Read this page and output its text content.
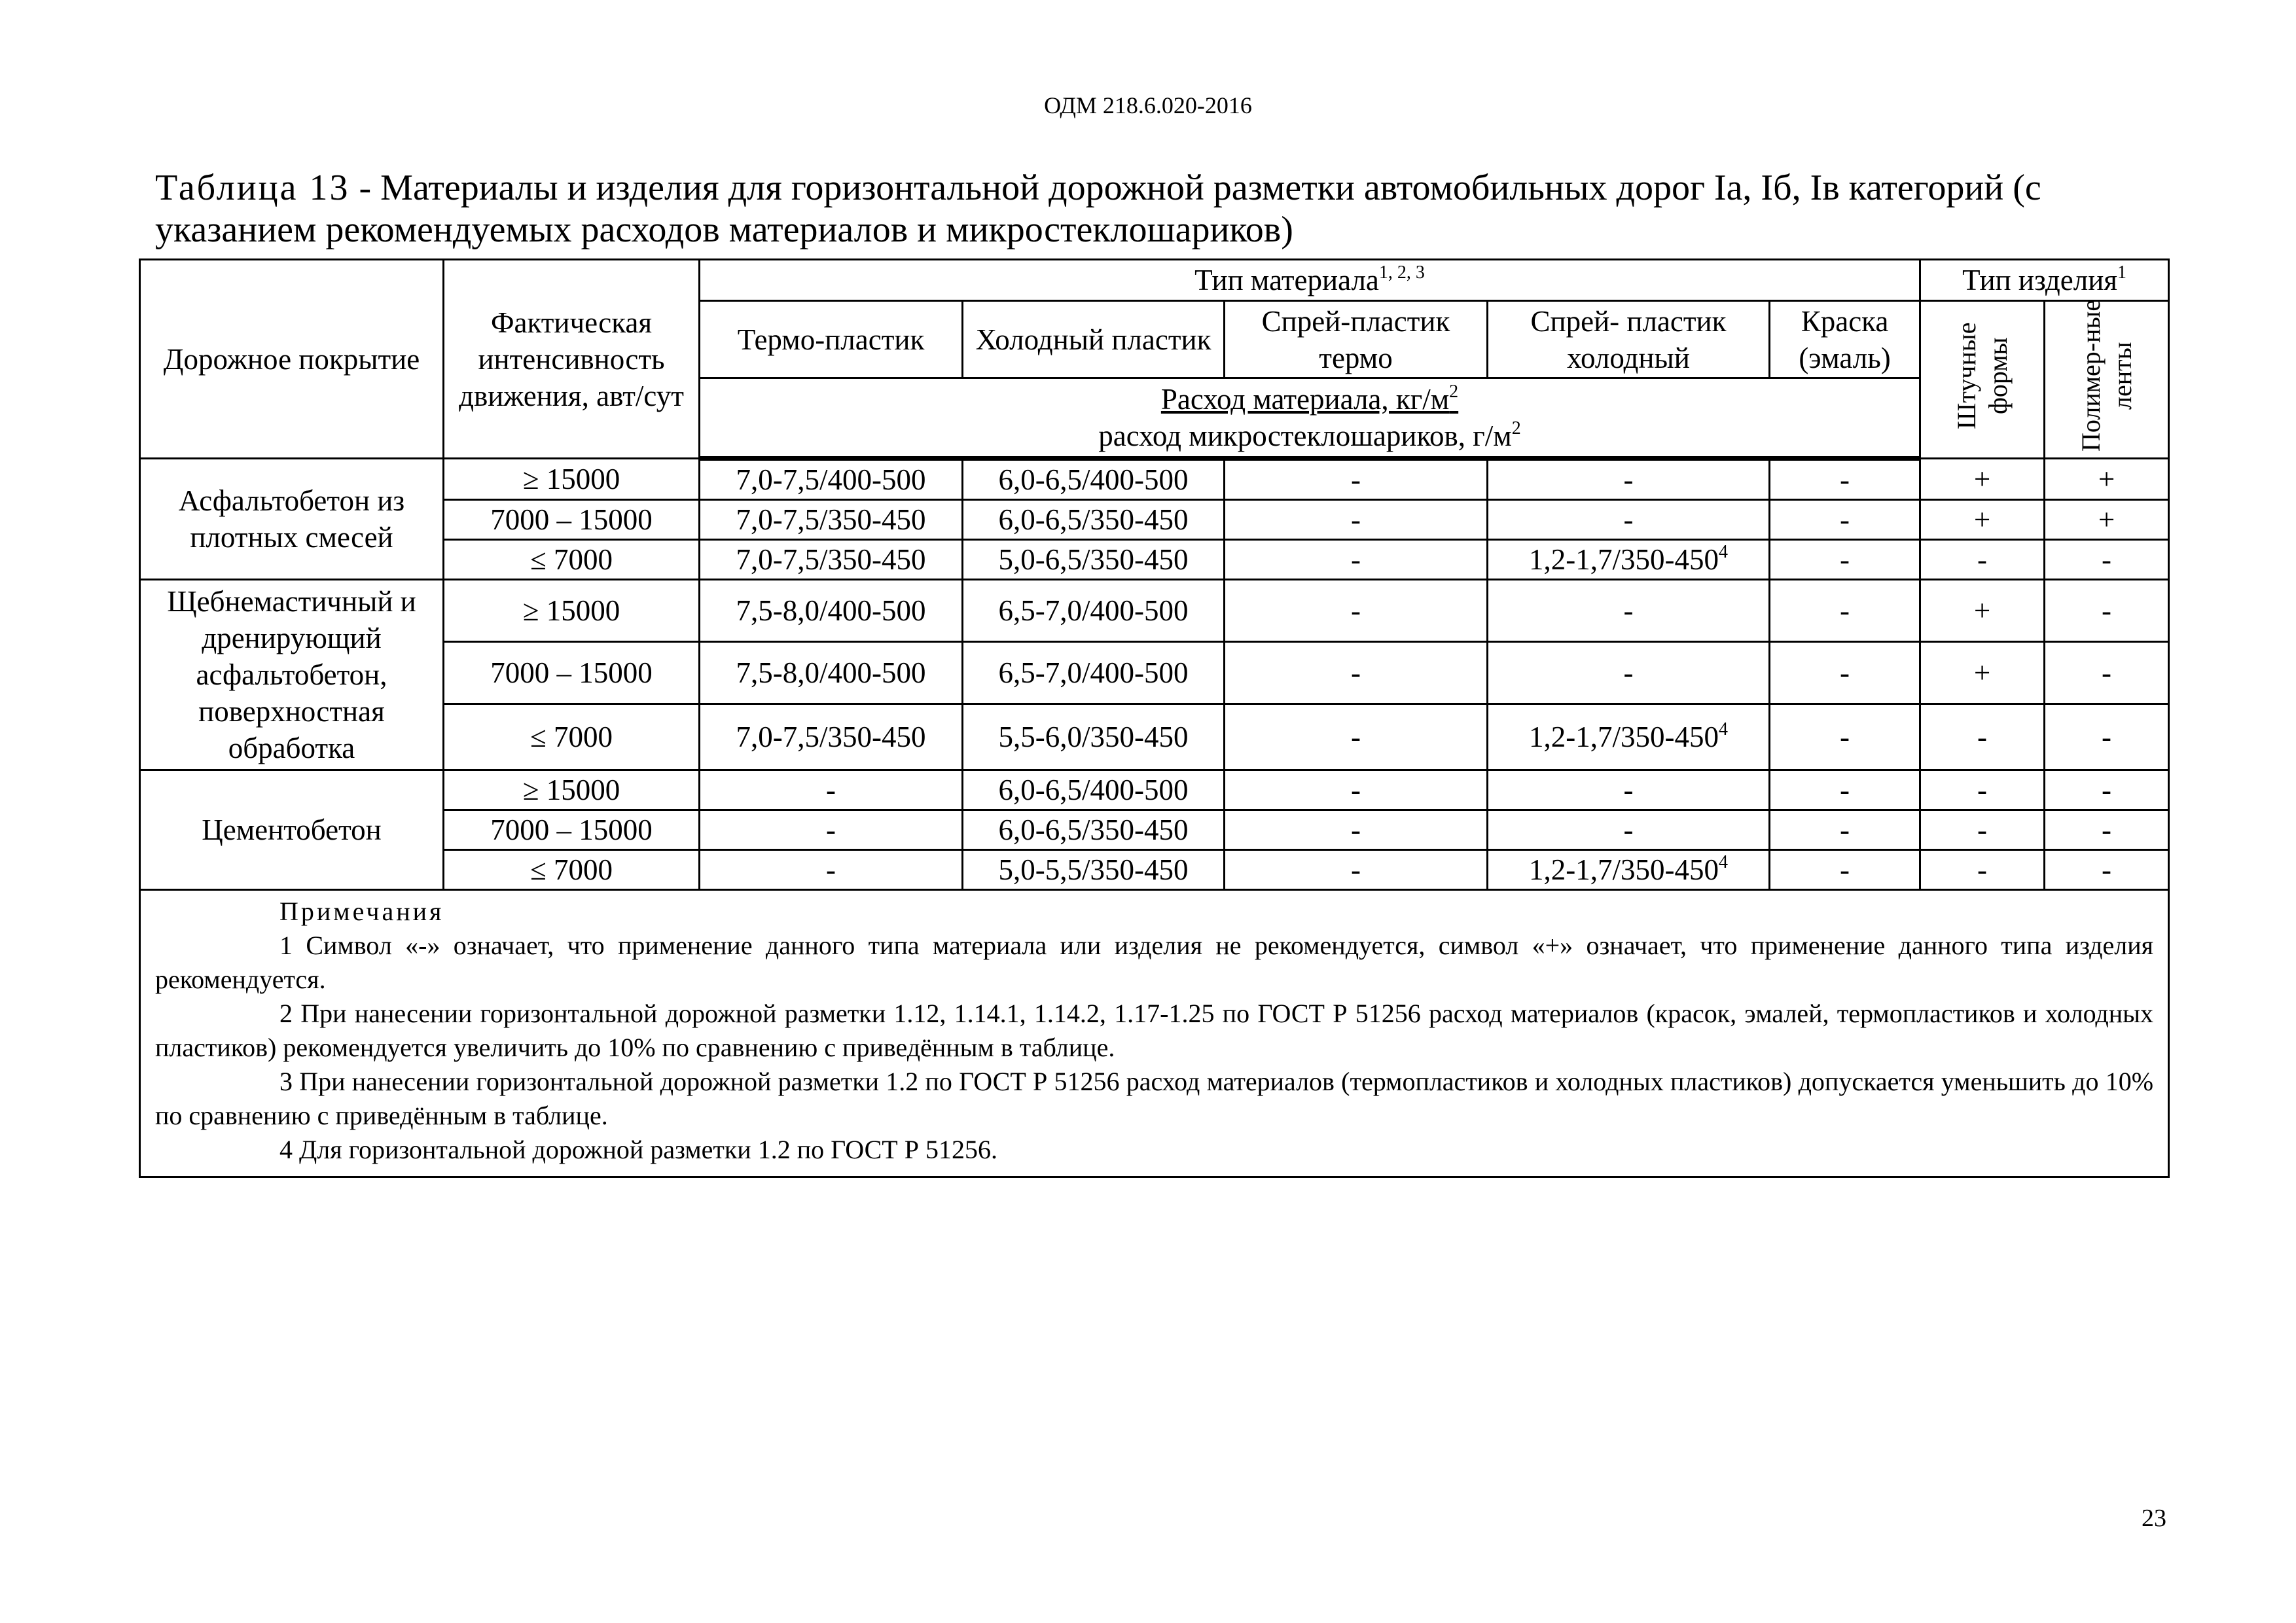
ОДМ 218.6.020-2016
Таблица 13 - Материалы и изделия для горизонтальной дорожной разметки автомобильных дорог Iа, Iб, Iв категорий (с указанием рекомендуемых расходов материалов и микростеклошариков)
Дорожное покрытие	Фактическая интенсивность движения, авт/сут	Тип материала$^{1, 2, 3}$					Тип изделия$^1$
		Термо-пластик	Холодный пластик	Спрей-пластик термо	Спрей- пластик холодный	Краска (эмаль)	Штучные формы	Полимер-ные ленты

		Расход материала, $кг/м^2$
расход микростеклошариков, $г/м^2$

Асфальтобетон из плотных смесей	≥ 15000	7,0-7,5/400-500	6,0-6,5/400-500	-	-	-	+	+
	7000 – 15000	7,0-7,5/350-450	6,0-6,5/350-450	-	-	-	+	+
	≤ 7000	7,0-7,5/350-450	5,0-6,5/350-450	-	$1,2-1,7/350-450^4$	-	-	-
Щебнемастичный и дренирующий асфальтобетон, поверхностная обработка	≥ 15000	7,5-8,0/400-500	6,5-7,0/400-500	-	-	-	+	-
	7000 – 15000	7,5-8,0/400-500	6,5-7,0/400-500	-	-	-	+	-
	≤ 7000	7,0-7,5/350-450	5,5-6,0/350-450	-	$1,2-1,7/350-450^4$	-	-	-
Цементобетон	≥ 15000	-	6,0-6,5/400-500	-	-	-	-	-
	7000 – 15000	-	6,0-6,5/350-450	-	-	-	-	-
	≤ 7000	-	5,0-5,5/350-450	-	$1,2-1,7/350-450^4$	-	-	-

Примечания

1 Символ «-» означает, что применение данного типа материала или изделия не рекомендуется, символ «+» означает, что применение данного типа изделия рекомендуется.

2 При нанесении горизонтальной дорожной разметки 1.12, 1.14.1, 1.14.2, 1.17-1.25 по ГОСТ Р 51256 расход материалов (красок, эмалей, термопластиков и холодных пластиков) рекомендуется увеличить до 10% по сравнению с приведённым в таблице.

3 При нанесении горизонтальной дорожной разметки 1.2 по ГОСТ Р 51256 расход материалов (термопластиков и холодных пластиков) допускается уменьшить до 10% по сравнению с приведённым в таблице.

4 Для горизонтальной дорожной разметки 1.2 по ГОСТ Р 51256.								

23
